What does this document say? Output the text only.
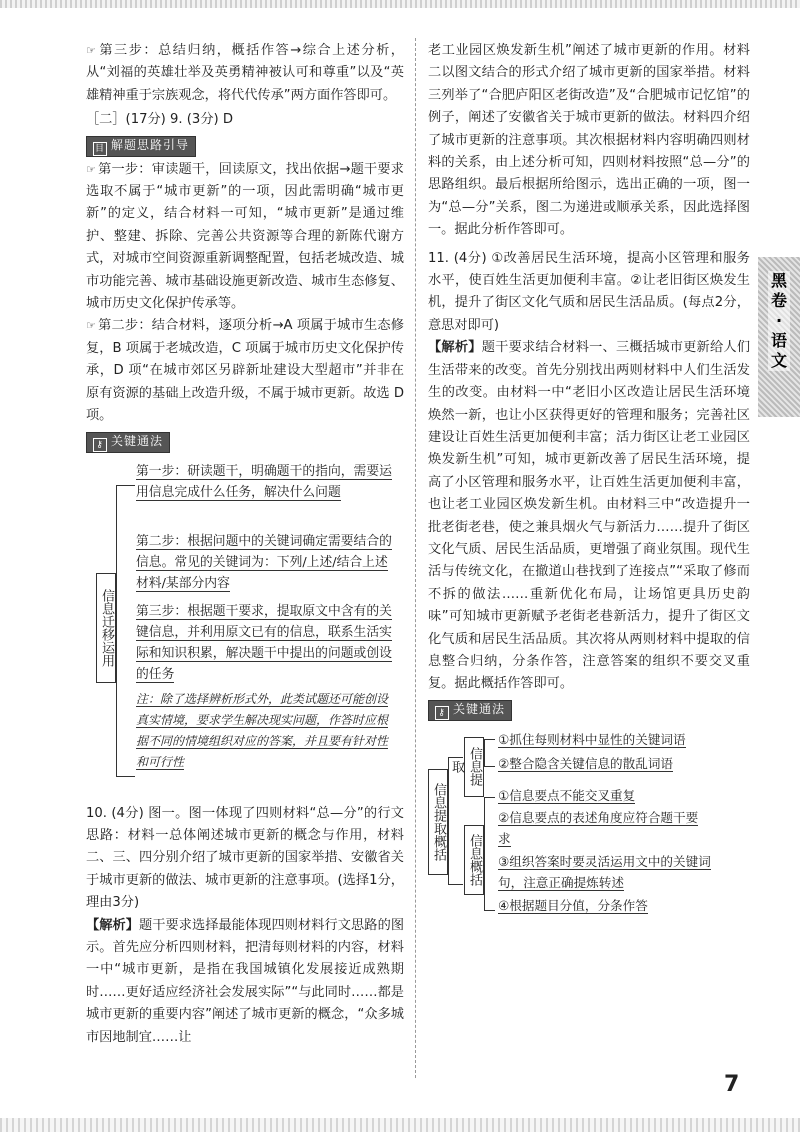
☞ 第三步：总结归纳，概括作答→综合上述分析，从“刘福的英雄壮举及英勇精神被认可和尊重”以及“英雄精神重于宗族观念，将代代传承”两方面作答即可。

［二］(17分) 9. (3分) D

目 解题思路引导

☞ 第一步：审读题干，回读原文，找出依据→题干要求选取不属于“城市更新”的一项，因此需明确“城市更新”的定义，结合材料一可知，“城市更新”是通过维护、整建、拆除、完善公共资源等合理的新陈代谢方式，对城市空间资源重新调整配置，包括老城改造、城市功能完善、城市基础设施更新改造、城市生态修复、城市历史文化保护传承等。

☞ 第二步：结合材料，逐项分析→A 项属于城市生态修复，B 项属于老城改造，C 项属于城市历史文化保护传承，D 项“在城市郊区另辟新址建设大型超市”并非在原有资源的基础上改造升级，不属于城市更新。故选 D 项。

⚷ 关键通法
信息迁移运用
第一步：研读题干，明确题干的指向，需要运用信息完成什么任务，解决什么问题
第二步：根据问题中的关键词确定需要结合的信息。常见的关键词为：下列/上述/结合上述材料/某部分内容
第三步：根据题干要求，提取原文中含有的关键信息，并利用原文已有的信息，联系生活实际和知识积累，解决题干中提出的问题或创设的任务
注：除了选择辨析形式外，此类试题还可能创设真实情境，要求学生解决现实问题，作答时应根据不同的情境组织对应的答案，并且要有针对性和可行性

10. (4分) 图一。图一体现了四则材料“总—分”的行文思路：材料一总体阐述城市更新的概念与作用，材料二、三、四分别介绍了城市更新的国家举措、安徽省关于城市更新的做法、城市更新的注意事项。(选择1分，理由3分)

【解析】题干要求选择最能体现四则材料行文思路的图示。首先应分析四则材料，把清每则材料的内容，材料一中“城市更新，是指在我国城镇化发展接近成熟期时……更好适应经济社会发展实际”“与此同时……都是城市更新的重要内容”阐述了城市更新的概念，“众多城市因地制宜……让

老工业园区焕发新生机”阐述了城市更新的作用。材料二以图文结合的形式介绍了城市更新的国家举措。材料三列举了“合肥庐阳区老街改造”及“合肥城市记忆馆”的例子，阐述了安徽省关于城市更新的做法。材料四介绍了城市更新的注意事项。其次根据材料内容明确四则材料的关系，由上述分析可知，四则材料按照“总—分”的思路组织。最后根据所给图示，选出正确的一项，图一为“总—分”关系，图二为递进或顺承关系，因此选择图一。据此分析作答即可。

11. (4分) ①改善居民生活环境，提高小区管理和服务水平，使百姓生活更加便利丰富。②让老旧街区焕发生机，提升了街区文化气质和居民生活品质。(每点2分，意思对即可)

【解析】题干要求结合材料一、三概括城市更新给人们生活带来的改变。首先分别找出两则材料中人们生活发生的改变。由材料一中“老旧小区改造让居民生活环境焕然一新，也让小区获得更好的管理和服务；完善社区建设让百姓生活更加便利丰富；活力街区让老工业园区焕发新生机”可知，城市更新改善了居民生活环境，提高了小区管理和服务水平，让百姓生活更加便利丰富，也让老工业园区焕发新生机。由材料三中“改造提升一批老街老巷，使之兼具烟火气与新活力……提升了街区文化气质、居民生活品质，更增强了商业氛围。现代生活与传统文化，在撤道山巷找到了连接点”“采取了修而不拆的做法……重新优化布局，让场馆更具历史韵味”可知城市更新赋予老街老巷新活力，提升了街区文化气质和居民生活品质。其次将从两则材料中提取的信息整合归纳，分条作答，注意答案的组织不要交叉重复。据此概括作答即可。

⚷ 关键通法
信息提取概括
信息提取
①抓住每则材料中显性的关键词语
②整合隐含关键信息的散乱词语
信息概括
①信息要点不能交叉重复
②信息要点的表述角度应符合题干要求
③组织答案时要灵活运用文中的关键词句，注意正确提炼转述
④根据题目分值，分条作答
黑卷·语文
7
